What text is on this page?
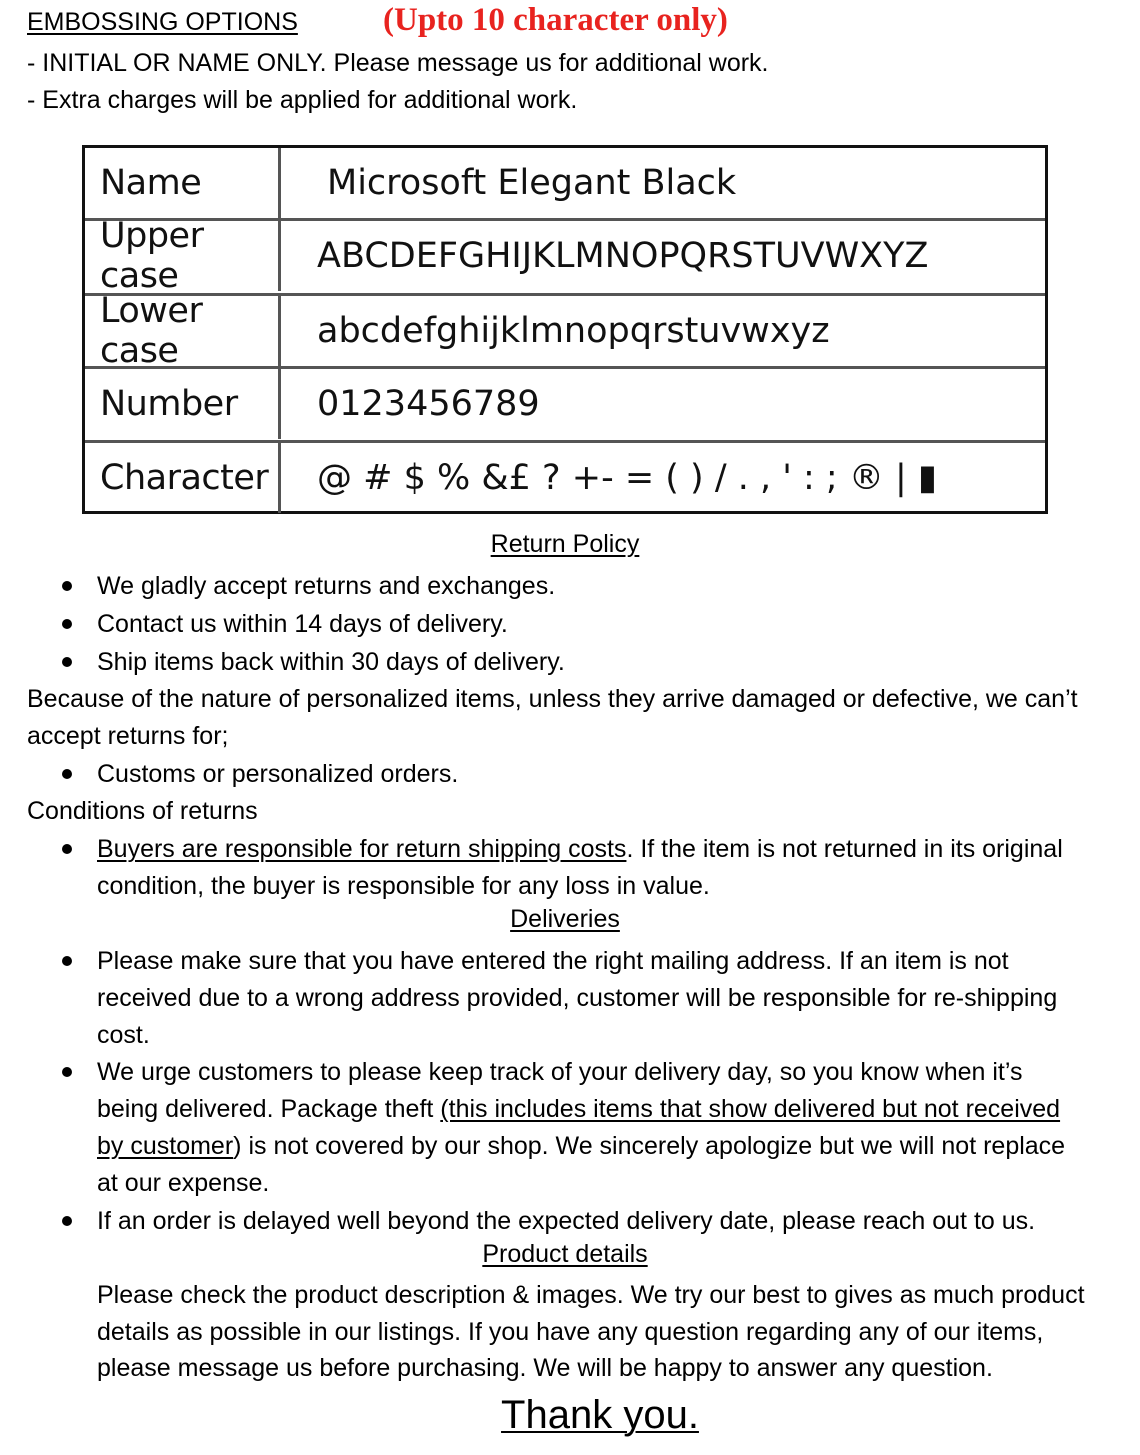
EMBOSSING OPTIONS	(Upto 10 character only)
- INITIAL OR NAME ONLY. Please message us for additional work.
- Extra charges will be applied for additional work.
Name	Microsoft Elegant Black
Upper case	ABCDEFGHIJKLMNOPQRSTUVWXYZ
Lower case	abcdefghijklmnopqrstuvwxyz
Number	0123456789
Character	@ # $ % &£ ? +- = ( ) / . , ' : ; ® | ▮
Return Policy
We gladly accept returns and exchanges.
Contact us within 14 days of delivery.
Ship items back within 30 days of delivery.
Because of the nature of personalized items, unless they arrive damaged or defective, we can’t
accept returns for;
Customs or personalized orders.
Conditions of returns
Buyers are responsible for return shipping costs. If the item is not returned in its original
condition, the buyer is responsible for any loss in value.
Deliveries
Please make sure that you have entered the right mailing address. If an item is not
received due to a wrong address provided, customer will be responsible for re-shipping
cost.
We urge customers to please keep track of your delivery day, so you know when it’s
being delivered. Package theft (this includes items that show delivered but not received
by customer) is not covered by our shop. We sincerely apologize but we will not replace
at our expense.
If an order is delayed well beyond the expected delivery date, please reach out to us.
Product details
Please check the product description & images. We try our best to gives as much product
details as possible in our listings. If you have any question regarding any of our items,
please message us before purchasing. We will be happy to answer any question.
Thank you.
